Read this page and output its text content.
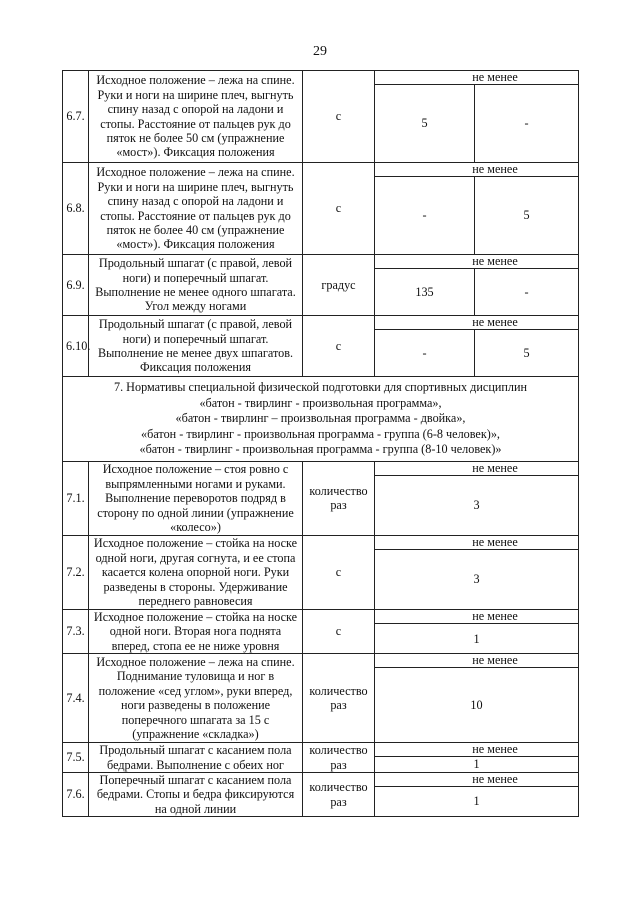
29
6.7.	Исходное положение – лежа на спине. Руки и ноги на ширине плеч, выгнуть спину назад с опорой на ладони и стопы. Расстояние от пальцев рук до пяток не более 50 см (упражнение «мост»). Фиксация положения	с	не менее	
			5	-
6.8.	Исходное положение – лежа на спине. Руки и ноги на ширине плеч, выгнуть спину назад с опорой на ладони и стопы. Расстояние от пальцев рук до пяток не более 40 см (упражнение «мост»). Фиксация положения	с	не менее	
			-	5
6.9.	Продольный шпагат (с правой, левой ноги) и поперечный шпагат. Выполнение не менее одного шпагата. Угол между ногами	градус	не менее	
			135	-
6.10.	Продольный шпагат (с правой, левой ноги) и поперечный шпагат. Выполнение не менее двух шпагатов. Фиксация положения	с	не менее	
			-	5

7. Нормативы специальной физической подготовки для спортивных дисциплин
«батон - твирлинг - произвольная программа»,
«батон - твирлинг – произвольная программа - двойка»,
«батон - твирлинг - произвольная программа - группа (6-8 человек)»,
«батон - твирлинг - произвольная программа - группа (8-10 человек)»				

7.1.	Исходное положение – стоя ровно с выпрямленными ногами и руками. Выполнение переворотов подряд в сторону по одной линии (упражнение «колесо»)	количество раз	не менее	
			3	
7.2.	Исходное положение – стойка на носке одной ноги, другая согнута, и ее стопа касается колена опорной ноги. Руки разведены в стороны. Удерживание переднего равновесия	с	не менее	
			3	
7.3.	Исходное положение – стойка на носке одной ноги. Вторая нога поднята вперед, стопа ее не ниже уровня	с	не менее	
			1	
7.4.	Исходное положение – лежа на спине. Поднимание туловища и ног в положение «сед углом», руки вперед, ноги разведены в положение поперечного шпагата за 15 с (упражнение «складка»)	количество раз	не менее	
			10	
7.5.	Продольный шпагат с касанием пола бедрами. Выполнение с обеих ног	количество раз	не менее	
			1	
7.6.	Поперечный шпагат с касанием пола бедрами. Стопы и бедра фиксируются на одной линии	количество раз	не менее	
			1	
